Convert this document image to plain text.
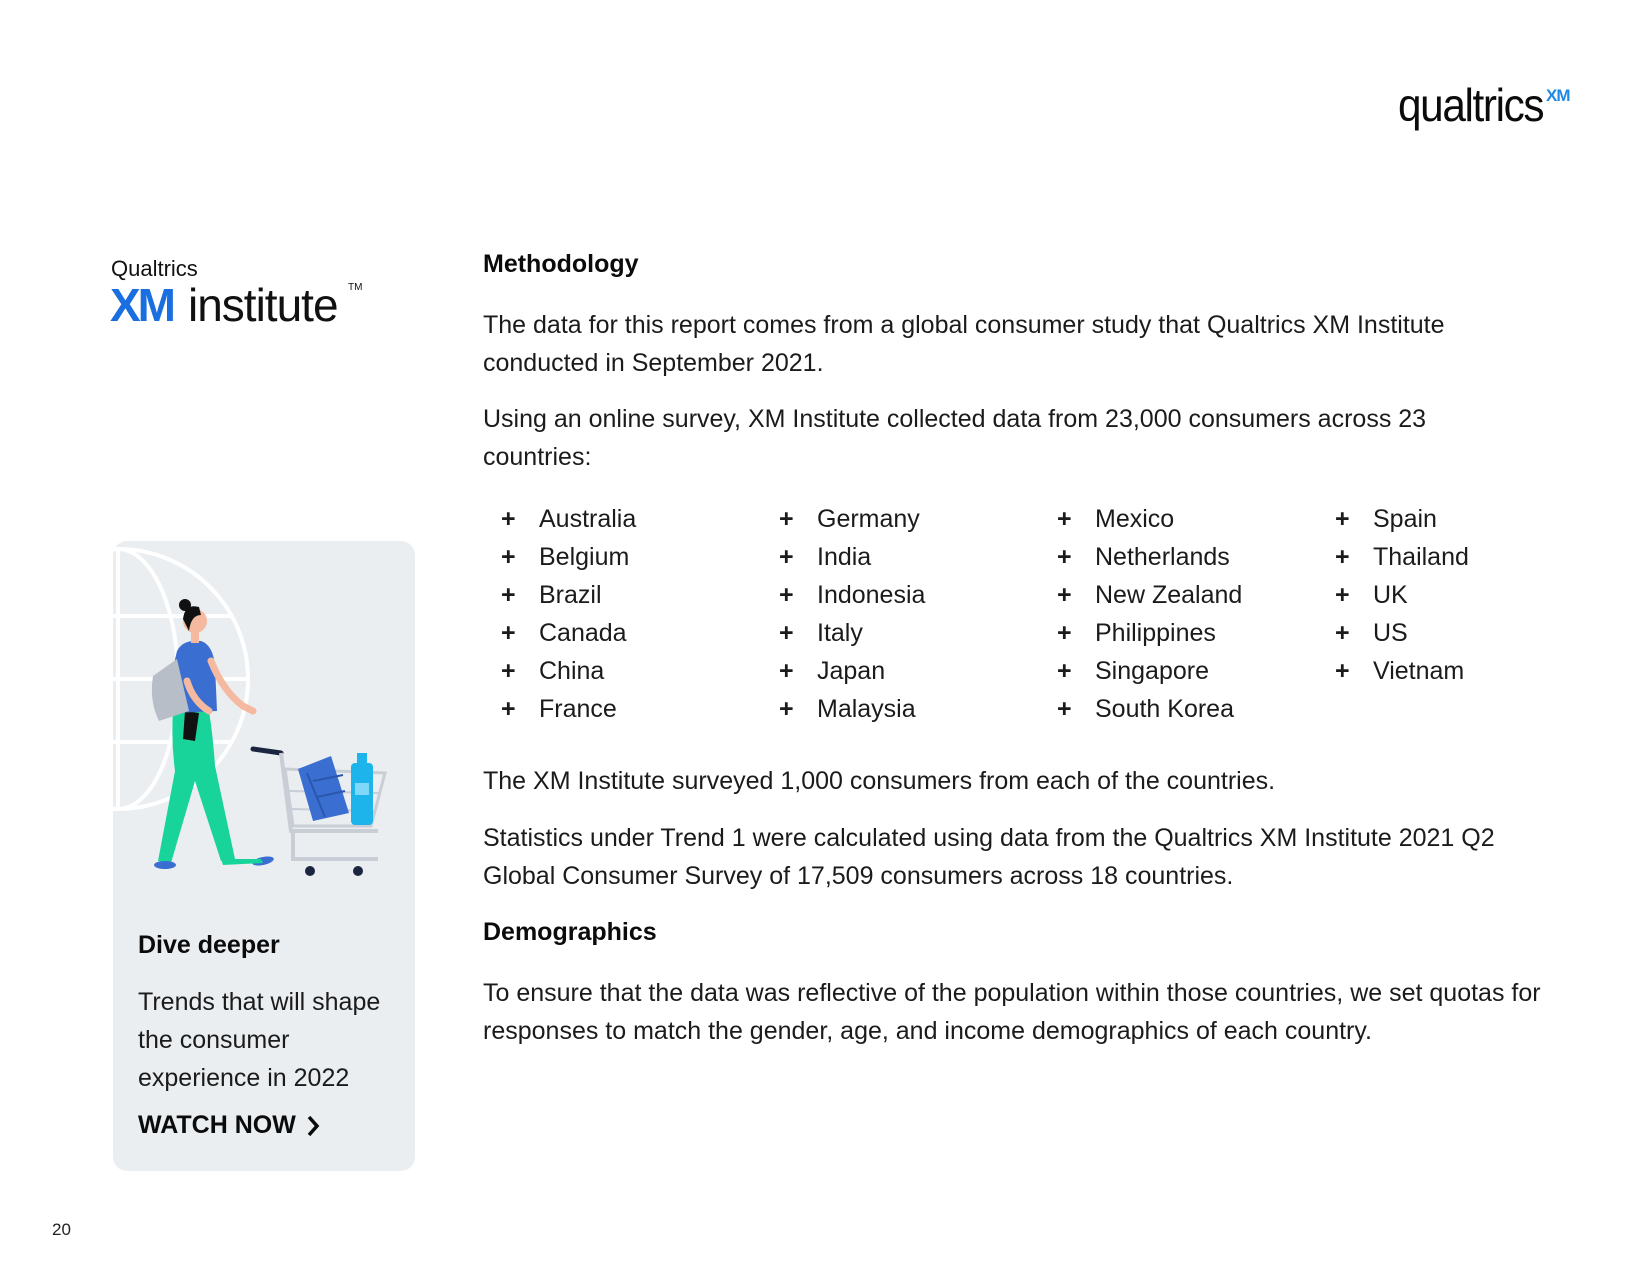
qualtrics XM
Qualtrics
XM institute TM
Dive deeper
Trends that will shape the consumer experience in 2022
WATCH NOW
Methodology

The data for this report comes from a global consumer study that Qualtrics XM Institute conducted in September 2021.

Using an online survey, XM Institute collected data from 23,000 consumers across 23 countries:

+ Australia
+ Belgium
+ Brazil
+ Canada
+ China
+ France
+ Germany
+ India
+ Indonesia
+ Italy
+ Japan
+ Malaysia
+ Mexico
+ Netherlands
+ New Zealand
+ Philippines
+ Singapore
+ South Korea
+ Spain
+ Thailand
+ UK
+ US
+ Vietnam

The XM Institute surveyed 1,000 consumers from each of the countries.

Statistics under Trend 1 were calculated using data from the Qualtrics XM Institute 2021 Q2 Global Consumer Survey of 17,509 consumers across 18 countries.

Demographics

To ensure that the data was reflective of the population within those countries, we set quotas for responses to match the gender, age, and income demographics of each country.

20
